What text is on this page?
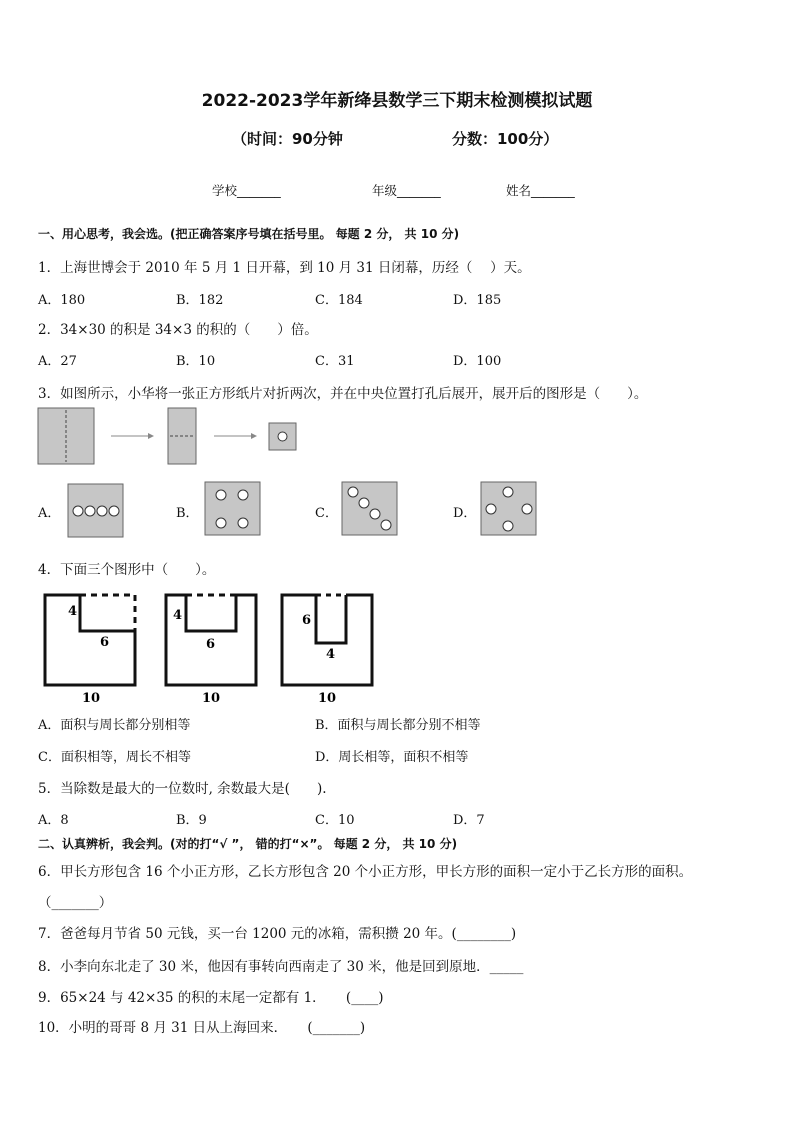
2022-2023学年新绛县数学三下期末检测模拟试题
（时间：90分钟	分数：100分）
学校_______	年级_______	姓名_______
一、用心思考，我会选。(把正确答案序号填在括号里。 每题 2 分， 共 10 分)
1．上海世博会于 2010 年 5 月 1 日开幕，到 10 月 31 日闭幕，历经（　 ）天。
A．180	B．182	C．184	D．185
2．34×30 的积是 34×3 的积的（　　）倍。
A．27	B．10	C．31	D．100
3．如图所示，小华将一张正方形纸片对折两次，并在中央位置打孔后展开，展开后的图形是（　　）。
A．	B．	C．	D．
4．下面三个图形中（　　）。
4
6
10
4
6
10
6
4
10
A．面积与周长都分别相等	B．面积与周长都分别不相等
C．面积相等，周长不相等	D．周长相等，面积不相等
5．当除数是最大的一位数时, 余数最大是(　　).
A．8	B．9	C．10	D．7
二、认真辨析，我会判。(对的打“√ ”， 错的打“×”。 每题 2 分， 共 10 分)
6．甲长方形包含 16 个小正方形，乙长方形包含 20 个小正方形，甲长方形的面积一定小于乙长方形的面积。
（_______）
7．爸爸每月节省 50 元钱，买一台 1200 元的冰箱，需积攒 20 年。(________)
8．小李向东北走了 30 米，他因有事转向西南走了 30 米，他是回到原地．_____
9．65×24 与 42×35 的积的末尾一定都有 1．　　(____)
10．小明的哥哥 8 月 31 日从上海回来．　　(_______)
